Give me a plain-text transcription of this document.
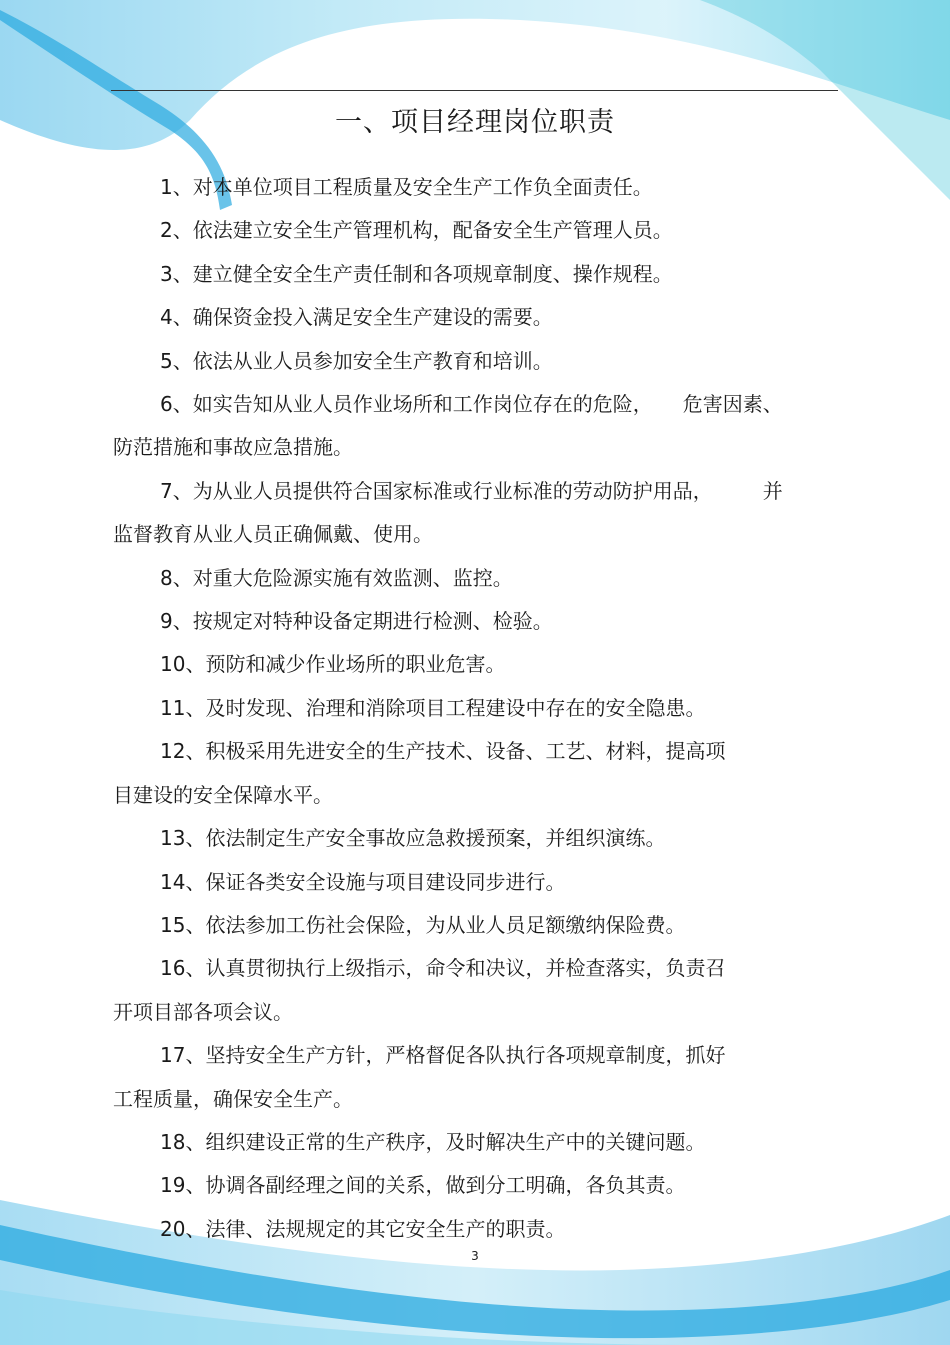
一、项目经理岗位职责

1、对本单位项目工程质量及安全生产工作负全面责任。

2、依法建立安全生产管理机构，配备安全生产管理人员。

3、建立健全安全生产责任制和各项规章制度、操作规程。

4、确保资金投入满足安全生产建设的需要。

5、依法从业人员参加安全生产教育和培训。

6、如实告知从业人员作业场所和工作岗位存在的危险，　　危害因素、
防范措施和事故应急措施。

7、为从业人员提供符合国家标准或行业标准的劳动防护用品，　　　并
监督教育从业人员正确佩戴、使用。

8、对重大危险源实施有效监测、监控。

9、按规定对特种设备定期进行检测、检验。

10、预防和减少作业场所的职业危害。

11、及时发现、治理和消除项目工程建设中存在的安全隐患。

12、积极采用先进安全的生产技术、设备、工艺、材料，提高项
目建设的安全保障水平。

13、依法制定生产安全事故应急救援预案，并组织演练。

14、保证各类安全设施与项目建设同步进行。

15、依法参加工伤社会保险，为从业人员足额缴纳保险费。

16、认真贯彻执行上级指示，命令和决议，并检查落实，负责召
开项目部各项会议。

17、坚持安全生产方针，严格督促各队执行各项规章制度，抓好
工程质量，确保安全生产。

18、组织建设正常的生产秩序，及时解决生产中的关键问题。

19、协调各副经理之间的关系，做到分工明确，各负其责。

20、法律、法规规定的其它安全生产的职责。

3
